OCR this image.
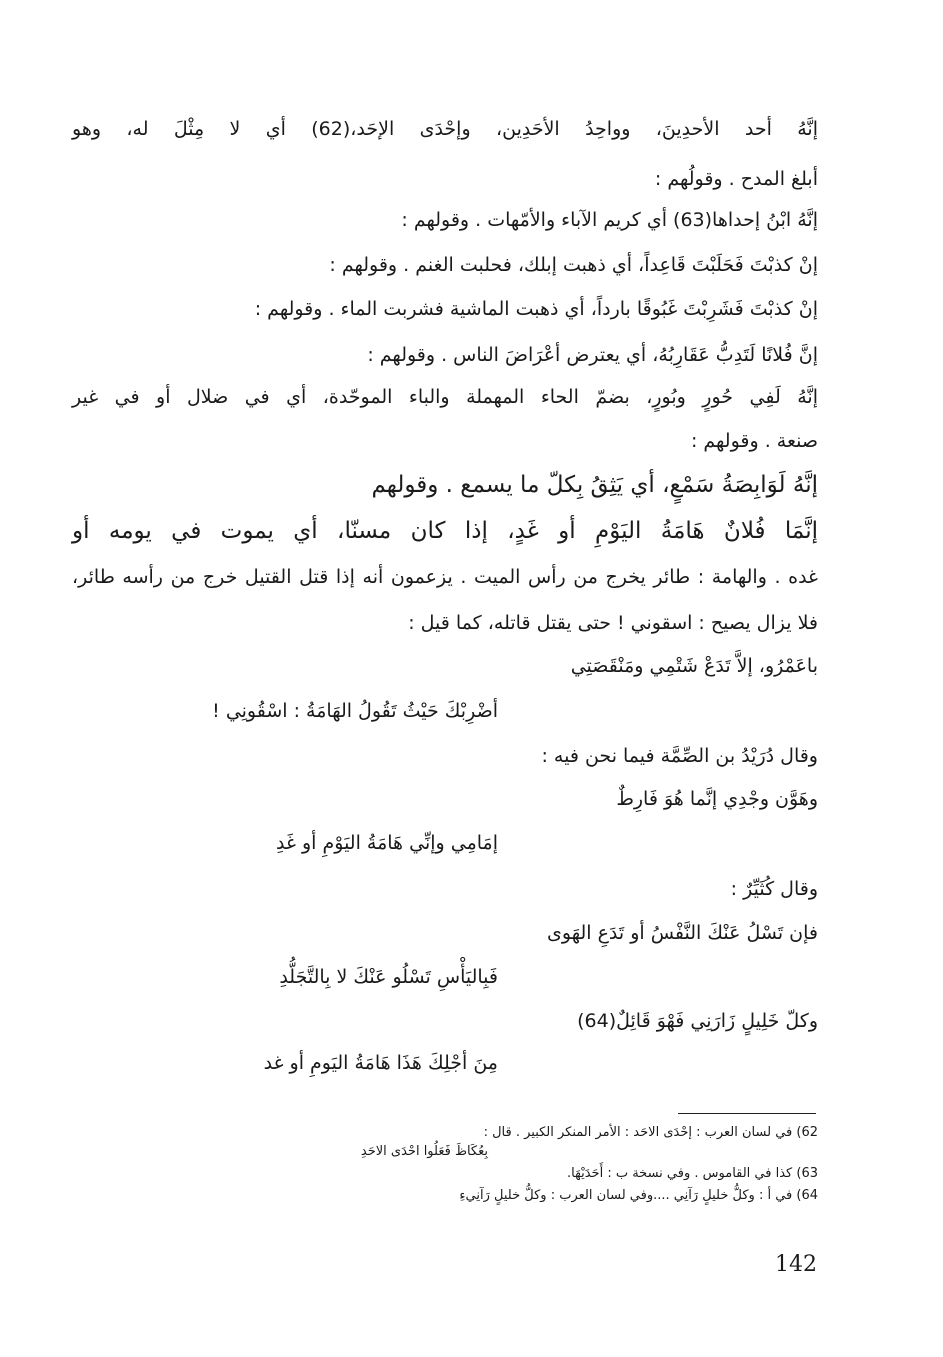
إنَّهُ أحد الأحدِينَ، وواحِدُ الأحَدِين، وإحْدَى الإحَد،(62) أي لا مِثْلَ له، وهو
أبلغ المدح . وقولُهم :
إنَّهُ ابْنُ إحداها(63) أي كريم الآباء والأمّهات . وقولهم :
إنْ كذبْتَ فَحَلَبْتَ قَاعِداً، أي ذهبت إبلك، فحلبت الغنم . وقولهم :
إنْ كذبْتَ فَشَرِبْتَ غَبُوقًا بارداً، أي ذهبت الماشية فشربت الماء . وقولهم :
إنَّ فُلانًا لَتَدِبُّ عَقَارِبُهُ، أي يعترض أعْرَاضَ الناس . وقولهم :
إنَّهُ لَفِي حُورٍ وبُورٍ، بضمّ الحاء المهملة والباء الموحّدة، أي في ضلال أو في غير
صنعة . وقولهم :
إنَّهُ لَوَابِصَةُ سَمْعٍ، أي يَثِقُ بِكلّ ما يسمع . وقولهم
إنَّمَا فُلانٌ هَامَةُ اليَوْمِ أو غَدٍ، إذا كان مسنّا، أي يموت في يومه أو
غده . والهامة : طائر يخرج من رأس الميت . يزعمون أنه إذا قتل القتيل خرج من رأسه طائر،
فلا يزال يصيح : اسقوني ! حتى يقتل قاتله، كما قيل :
باعَمْرُو، إلاَّ تَدَعْ شَتْمِي ومَنْقَصَتِي
أضْرِبْكَ حَيْثُ تَقُولُ الهَامَةُ : اسْقُونِي !
وقال دُرَيْدُ بن الصِّمَّة فيما نحن فيه :
وهَوَّن وجْدِي إنَّما هُوَ فَارِطٌ
إمَامِي وإنِّي هَامَةُ اليَوْمِ أو غَدِ
وقال كُثَيِّرٌ :
فإن تَسْلُ عَنْكَ النَّفْسُ أو تَدَعِ الهَوى
فَبِاليَأْسِ تَسْلُو عَنْكَ لا بِالتَّجَلُّدِ
وكلّ خَلِيلٍ زَارَنِي فَهْوَ قَائِلٌ(64)
مِنَ أجْلِكَ هَذَا هَامَةُ اليَومِ أو غد
62) في لسان العرب : إحْدَى الاحَد : الأمر المنكر الكبير . قال :
بِعُكَاظَ فَعَلُوا احْدَى الاحَدِ
63) كذا في القاموس . وفي نسخة ب : أَحَدَيْهَا.
64) في أ : وكلُّ خليلٍ رَآنِي ....وفي لسان العرب : وكلُّ خليلٍ رَآنِيءِ
142
